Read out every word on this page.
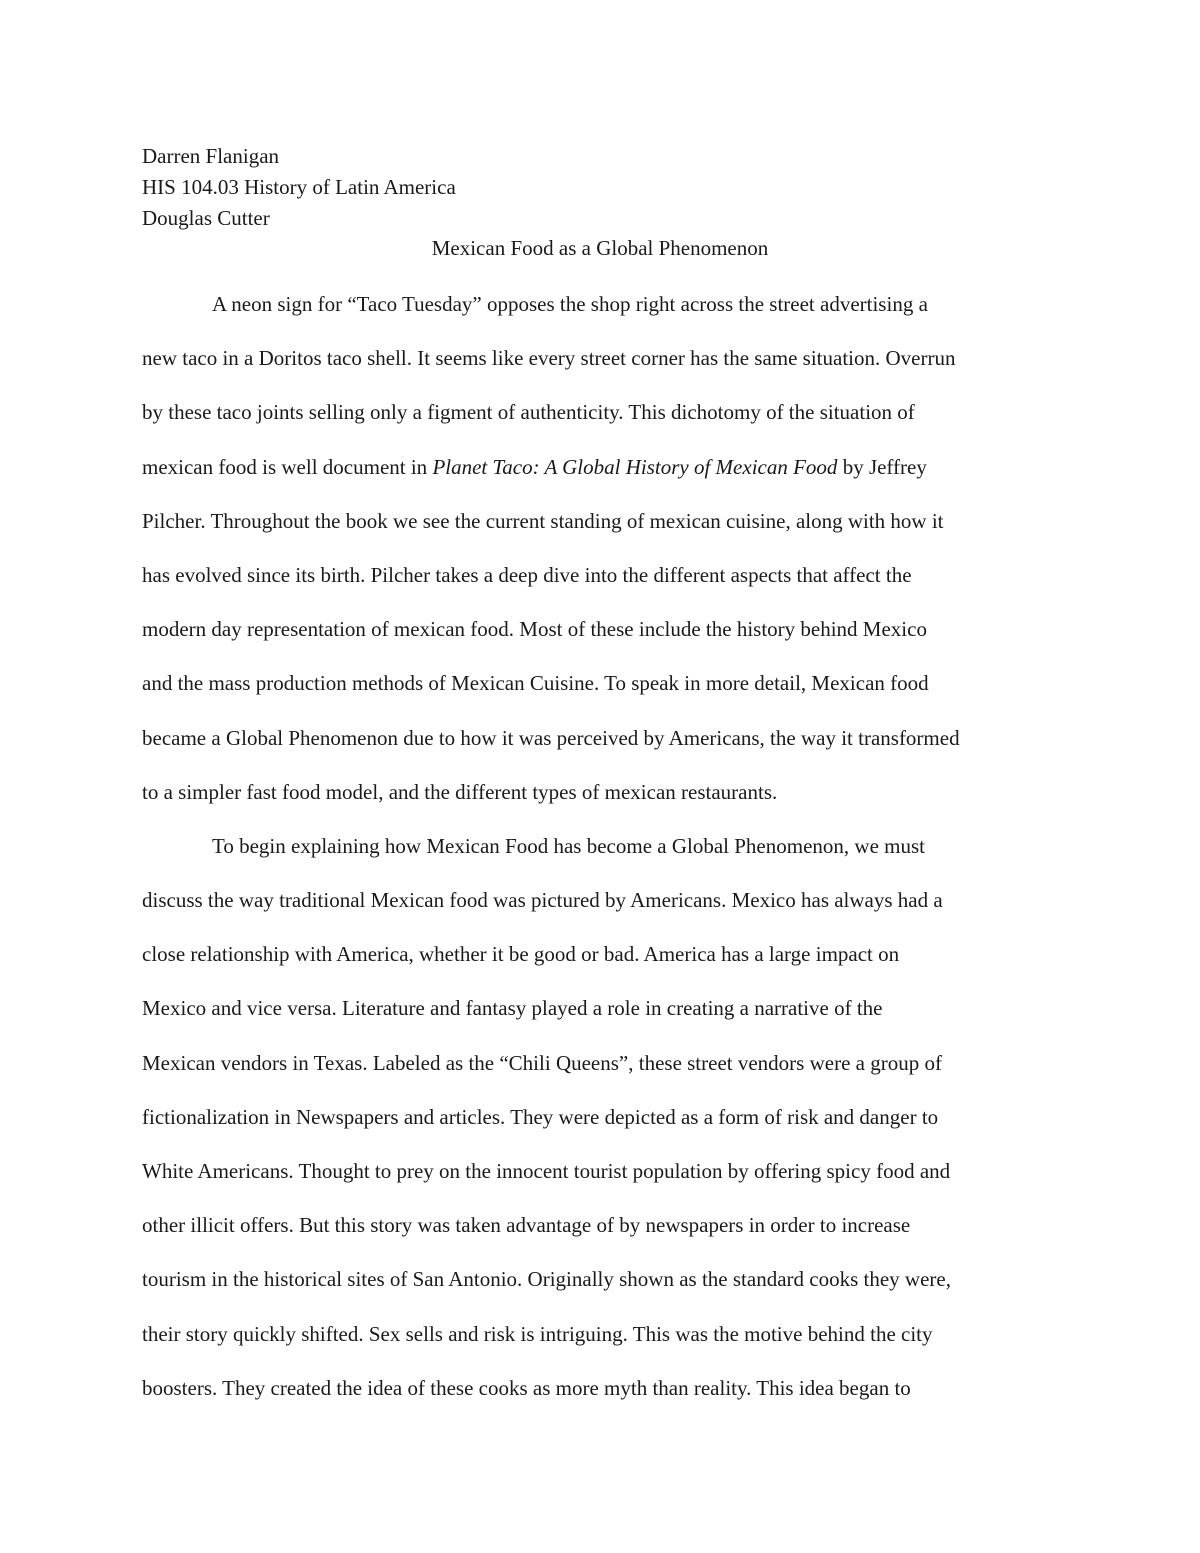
Darren Flanigan
HIS 104.03 History of Latin America
Douglas Cutter
Mexican Food as a Global Phenomenon
A neon sign for “Taco Tuesday” opposes the shop right across the street advertising a
new taco in a Doritos taco shell. It seems like every street corner has the same situation. Overrun
by these taco joints selling only a figment of authenticity. This dichotomy of the situation of
mexican food is well document in Planet Taco: A Global History of Mexican Food by Jeffrey
Pilcher. Throughout the book we see the current standing of mexican cuisine, along with how it
has evolved since its birth. Pilcher takes a deep dive into the different aspects that affect the
modern day representation of mexican food. Most of these include the history behind Mexico
and the mass production methods of Mexican Cuisine. To speak in more detail, Mexican food
became a Global Phenomenon due to how it was perceived by Americans, the way it transformed
to a simpler fast food model, and the different types of mexican restaurants.
To begin explaining how Mexican Food has become a Global Phenomenon, we must
discuss the way traditional Mexican food was pictured by Americans. Mexico has always had a
close relationship with America, whether it be good or bad. America has a large impact on
Mexico and vice versa. Literature and fantasy played a role in creating a narrative of the
Mexican vendors in Texas. Labeled as the “Chili Queens”, these street vendors were a group of
fictionalization in Newspapers and articles. They were depicted as a form of risk and danger to
White Americans. Thought to prey on the innocent tourist population by offering spicy food and
other illicit offers. But this story was taken advantage of by newspapers in order to increase
tourism in the historical sites of San Antonio. Originally shown as the standard cooks they were,
their story quickly shifted. Sex sells and risk is intriguing. This was the motive behind the city
boosters. They created the idea of these cooks as more myth than reality. This idea began to
